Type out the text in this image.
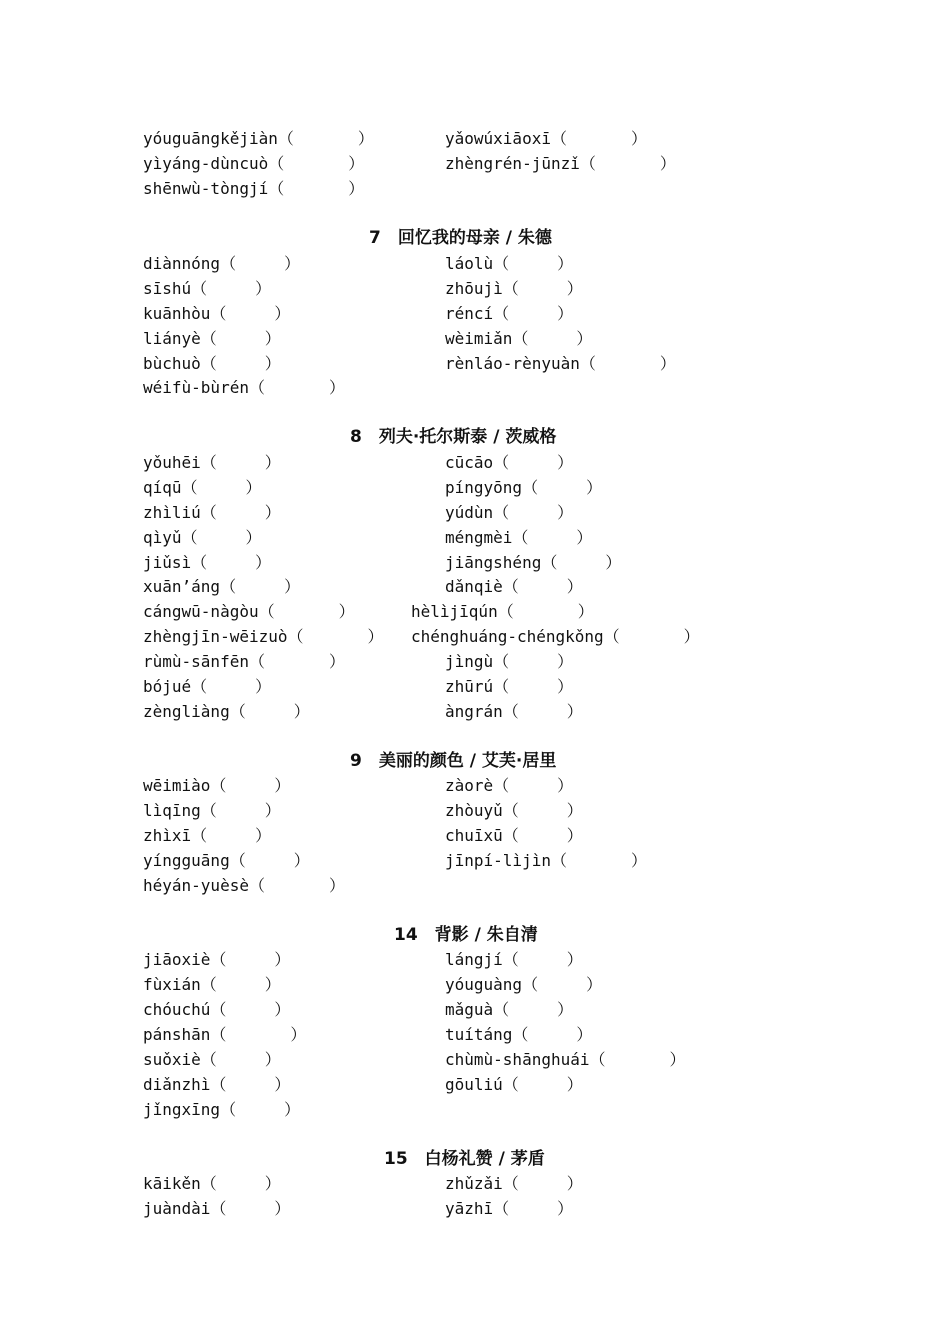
yóuguāngkějiàn（　　　　）	yǎowúxiāoxī（　　　　）
yìyáng-dùncuò（　　　　）	zhèngrén-jūnzǐ（　　　　）
shēnwù-tòngjí（　　　　）
7　回忆我的母亲 / 朱德
diànnóng（　　　）	láolù（　　　）
sīshú（　　　）	zhōujì（　　　）
kuānhòu（　　　）	réncí（　　　）
liányè（　　　）	wèimiǎn（　　　）
bùchuò（　　　）	rènláo-rènyuàn（　　　　）
wéifù-bùrén（　　　　）
8　列夫·托尔斯泰 / 茨威格
yǒuhēi（　　　）	cūcāo（　　　）
qíqū（　　　）	píngyōng（　　　）
zhìliú（　　　）	yúdùn（　　　）
qìyǔ（　　　）	méngmèi（　　　）
jiǔsì（　　　）	jiāngshéng（　　　）
xuān’áng（　　　）	dǎnqiè（　　　）
cángwū-nàgòu（　　　　）	hèlìjīqún（　　　　）
zhèngjīn-wēizuò（　　　　） chénghuáng-chéngkǒng（　　　　）
rùmù-sānfēn（　　　　）	jìngù（　　　）
bójué（　　　）	zhūrú（　　　）
zèngliàng（　　　）	àngrán（　　　）
9　美丽的颜色 / 艾芙·居里
wēimiào（　　　）	zàorè（　　　）
lìqīng（　　　）	zhòuyǔ（　　　）
zhìxī（　　　）	chuīxū（　　　）
yíngguāng（　　　）	jīnpí-lìjìn（　　　　）
héyán-yuèsè（　　　　）
14　背影 / 朱自清
jiāoxiè（　　　）	lángjí（　　　）
fùxián（　　　）	yóuguàng（　　　）
chóuchú（　　　）	mǎguà（　　　）
pánshān（　　　　）	tuítáng（　　　）
suǒxiè（　　　）	chùmù-shānghuái（　　　　）
diǎnzhì（　　　）	gōuliú（　　　）
jǐngxīng（　　　）
15　白杨礼赞 / 茅盾
kāikěn（　　　）	zhǔzǎi（　　　）
juàndài（　　　）	yāzhī（　　　）
